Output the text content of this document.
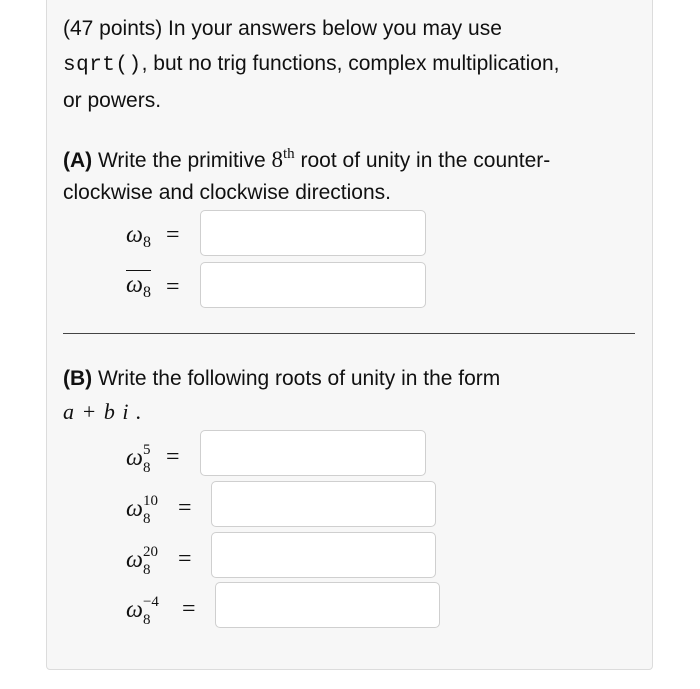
(47 points) In your answers below you may use
sqrt(), but no trig functions, complex multiplication,
or powers.
(A) Write the primitive 8th root of unity in the counter-
clockwise and clockwise directions.
$\omega_8$ =
$\omega_8$ =
(B) Write the following roots of unity in the form
a + b i .
ω 5
8 =
ω 10
8 =
ω 20
8 =
ω −4
8 =
